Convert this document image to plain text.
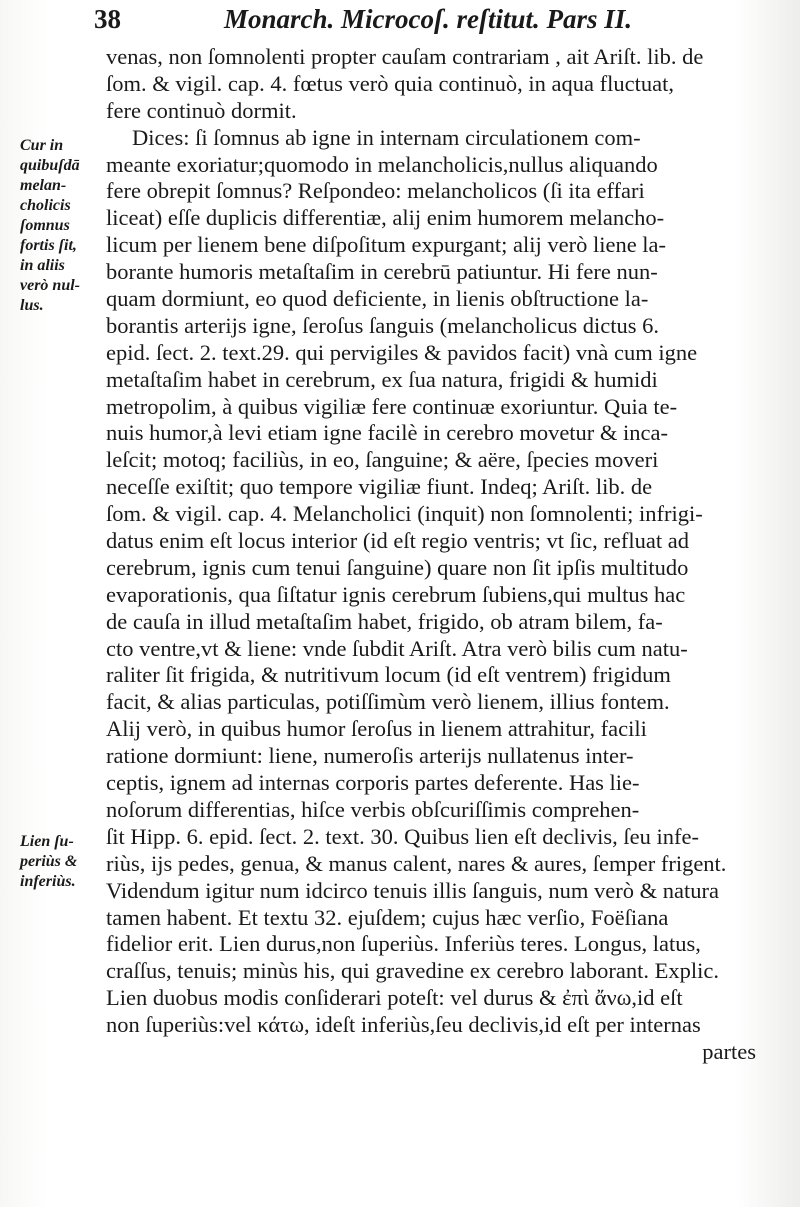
38	Monarch. Microcoſ. reſtitut. Pars II.
Cur in
quibuſdā
melan-
cholicis
ſomnus
fortis ſit,
in aliis
verò nul-
lus.
Lien ſu-
periùs &
inferiùs.
venas, non ſomnolenti propter cauſam contrariam , ait Ariſt. lib. de
ſom. & vigil. cap. 4. fœtus verò quia continuò, in aqua fluctuat,
fere continuò dormit.
Dices: ſi ſomnus ab igne in internam circulationem com-
meante exoriatur;quomodo in melancholicis,nullus aliquando
fere obrepit ſomnus? Reſpondeo: melancholicos (ſi ita effari
liceat) eſſe duplicis differentiæ, alij enim humorem melancho-
licum per lienem bene diſpoſitum expurgant; alij verò liene la-
borante humoris metaſtaſim in cerebrū patiuntur. Hi fere nun-
quam dormiunt, eo quod deficiente, in lienis obſtructione la-
borantis arterijs igne, ſeroſus ſanguis (melancholicus dictus 6.
epid. ſect. 2. text.29. qui pervigiles & pavidos facit) vnà cum igne
metaſtaſim habet in cerebrum, ex ſua natura, frigidi & humidi
metropolim, à quibus vigiliæ fere continuæ exoriuntur. Quia te-
nuis humor,à levi etiam igne facilè in cerebro movetur & inca-
leſcit; motoq; faciliùs, in eo, ſanguine; & aëre, ſpecies moveri
neceſſe exiſtit; quo tempore vigiliæ fiunt. Indeq; Ariſt. lib. de
ſom. & vigil. cap. 4. Melancholici (inquit) non ſomnolenti; infrigi-
datus enim eſt locus interior (id eſt regio ventris; vt ſic, refluat ad
cerebrum, ignis cum tenui ſanguine) quare non ſit ipſis multitudo
evaporationis, qua ſiſtatur ignis cerebrum ſubiens,qui multus hac
de cauſa in illud metaſtaſim habet, frigido, ob atram bilem, fa-
cto ventre,vt & liene: vnde ſubdit Ariſt. Atra verò bilis cum natu-
raliter ſit frigida, & nutritivum locum (id eſt ventrem) frigidum
facit, & alias particulas, potiſſimùm verò lienem, illius fontem.
Alij verò, in quibus humor ſeroſus in lienem attrahitur, facili
ratione dormiunt: liene, numeroſis arterijs nullatenus inter-
ceptis, ignem ad internas corporis partes deferente. Has lie-
noſorum differentias, hiſce verbis obſcuriſſimis comprehen-
ſit Hipp. 6. epid. ſect. 2. text. 30. Quibus lien eſt declivis, ſeu infe-
riùs, ijs pedes, genua, & manus calent, nares & aures, ſemper frigent.
Videndum igitur num idcirco tenuis illis ſanguis, num verò & natura
tamen habent. Et textu 32. ejuſdem; cujus hæc verſio, Foëſiana
fidelior erit. Lien durus,non ſuperiùs. Inferiùs teres. Longus, latus,
craſſus, tenuis; minùs his, qui gravedine ex cerebro laborant. Explic.
Lien duobus modis conſiderari poteſt: vel durus & ἐπὶ ἄνω,id eſt
non ſuperiùs:vel κάτω, ideſt inferiùs,ſeu declivis,id eſt per internas
partes
